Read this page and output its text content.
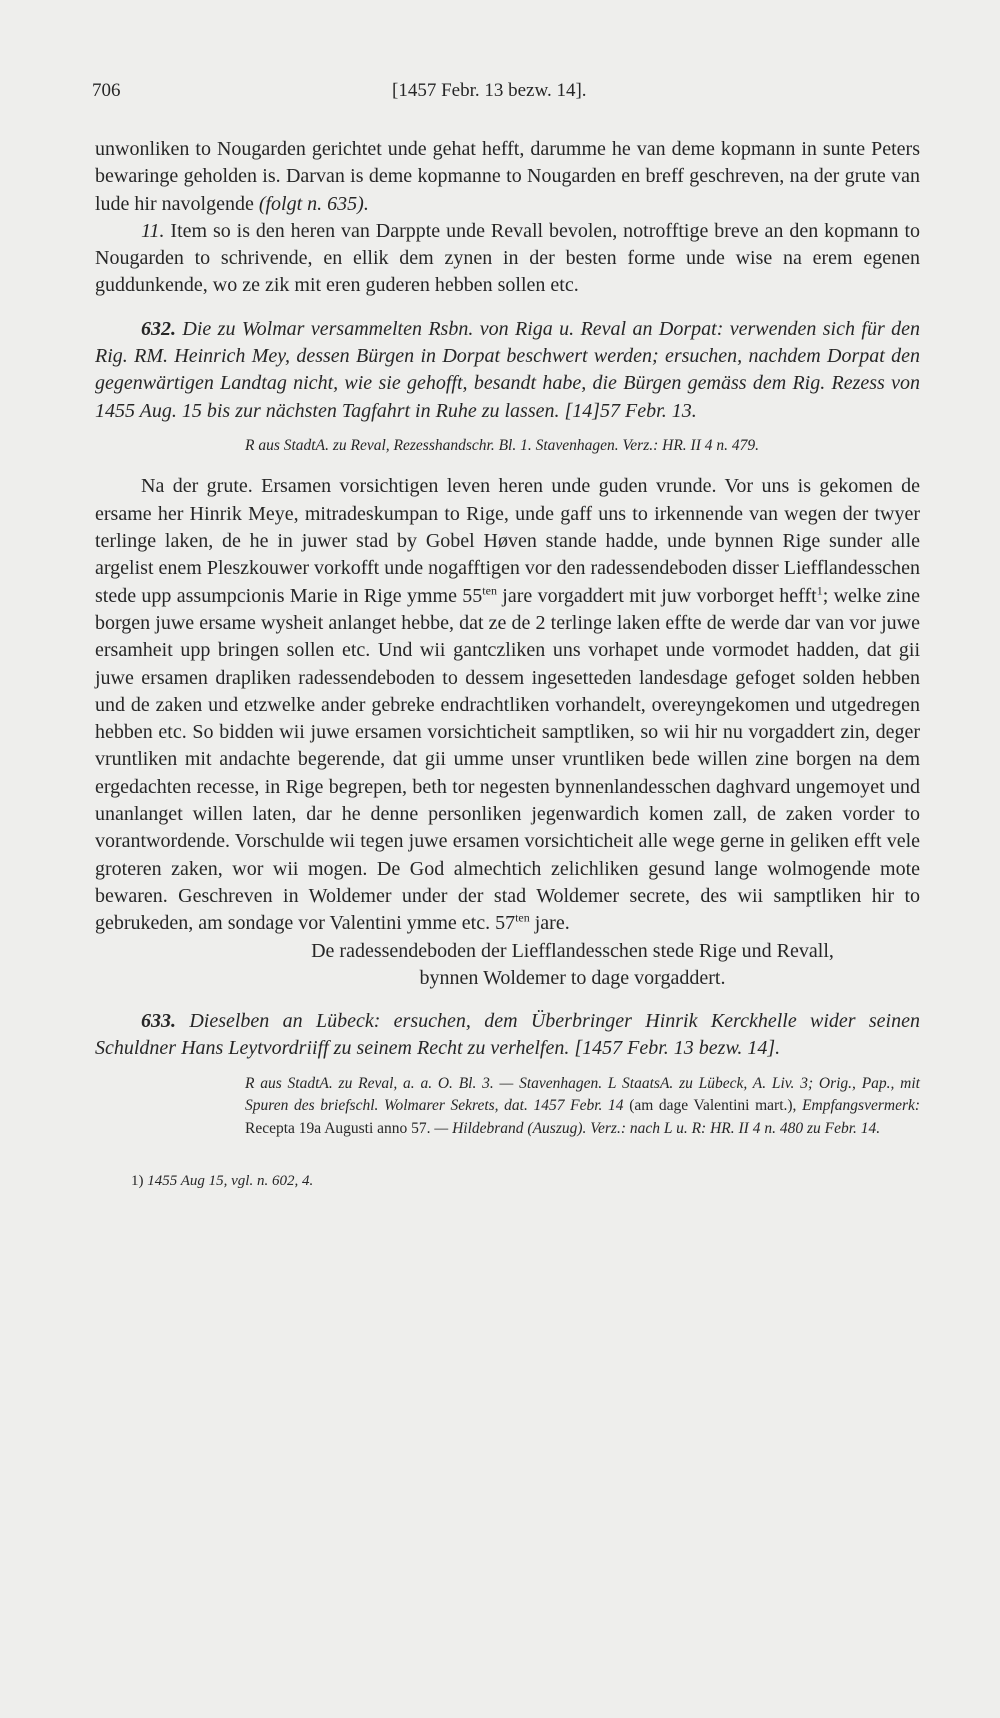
706	[1457 Febr. 13 bezw. 14].

unwonliken to Nougarden gerichtet unde gehat hefft, darumme he van deme kopmann in sunte Peters bewaringe geholden is. Darvan is deme kopmanne to Nougarden en breff geschreven, na der grute van lude hir navolgende (folgt n. 635).

11. Item so is den heren van Darppte unde Revall bevolen, notrofftige breve an den kopmann to Nougarden to schrivende, en ellik dem zynen in der besten forme unde wise na erem egenen guddunkende, wo ze zik mit eren guderen hebben sollen etc.

632. Die zu Wolmar versammelten Rsbn. von Riga u. Reval an Dorpat: verwenden sich für den Rig. RM. Heinrich Mey, dessen Bürgen in Dorpat beschwert werden; ersuchen, nachdem Dorpat den gegenwärtigen Landtag nicht, wie sie gehofft, besandt habe, die Bürgen gemäss dem Rig. Rezess von 1455 Aug. 15 bis zur nächsten Tagfahrt in Ruhe zu lassen. [14]57 Febr. 13.

R aus StadtA. zu Reval, Rezesshandschr. Bl. 1. Stavenhagen. Verz.: HR. II 4 n. 479.

Na der grute. Ersamen vorsichtigen leven heren unde guden vrunde. Vor uns is gekomen de ersame her Hinrik Meye, mitradeskumpan to Rige, unde gaff uns to irkennende van wegen der twyer terlinge laken, de he in juwer stad by Gobel Høven stande hadde, unde bynnen Rige sunder alle argelist enem Pleszkouwer vorkofft unde nogafftigen vor den radessendeboden disser Liefflandesschen stede upp assumpcionis Marie in Rige ymme $55^{ten}$ jare vorgaddert mit juw vorborget hefft$^1$; welke zine borgen juwe ersame wysheit anlanget hebbe, dat ze de 2 terlinge laken effte de werde dar van vor juwe ersamheit upp bringen sollen etc. Und wii gantczliken uns vorhapet unde vormodet hadden, dat gii juwe ersamen drapliken radessendeboden to dessem ingesetteden landesdage gefoget solden hebben und de zaken und etzwelke ander gebreke endrachtliken vorhandelt, overeyngekomen und utgedregen hebben etc. So bidden wii juwe ersamen vorsichticheit samptliken, so wii hir nu vorgaddert zin, deger vruntliken mit andachte begerende, dat gii umme unser vruntliken bede willen zine borgen na dem ergedachten recesse, in Rige begrepen, beth tor negesten bynnenlandesschen daghvard ungemoyet und unanlanget willen laten, dar he denne personliken jegenwardich komen zall, de zaken vorder to vorantwordende. Vorschulde wii tegen juwe ersamen vorsichticheit alle wege gerne in geliken efft vele groteren zaken, wor wii mogen. De God almechtich zelichliken gesund lange wolmogende mote bewaren. Geschreven in Woldemer under der stad Woldemer secrete, des wii samptliken hir to gebrukeden, am sondage vor Valentini ymme etc. $57^{ten}$ jare.

De radessendeboden der Liefflandesschen stede Rige und Revall,

bynnen Woldemer to dage vorgaddert.

633. Dieselben an Lübeck: ersuchen, dem Überbringer Hinrik Kerckhelle wider seinen Schuldner Hans Leytvordriiff zu seinem Recht zu verhelfen. [1457 Febr. 13 bezw. 14].

R aus StadtA. zu Reval, a. a. O. Bl. 3. — Stavenhagen. L StaatsA. zu Lübeck, A. Liv. 3; Orig., Pap., mit Spuren des briefschl. Wolmarer Sekrets, dat. 1457 Febr. 14 (am dage Valentini mart.), Empfangsvermerk: Recepta 19a Augusti anno 57. — Hildebrand (Auszug). Verz.: nach L u. R: HR. II 4 n. 480 zu Febr. 14.

1) 1455 Aug 15, vgl. n. 602, 4.
